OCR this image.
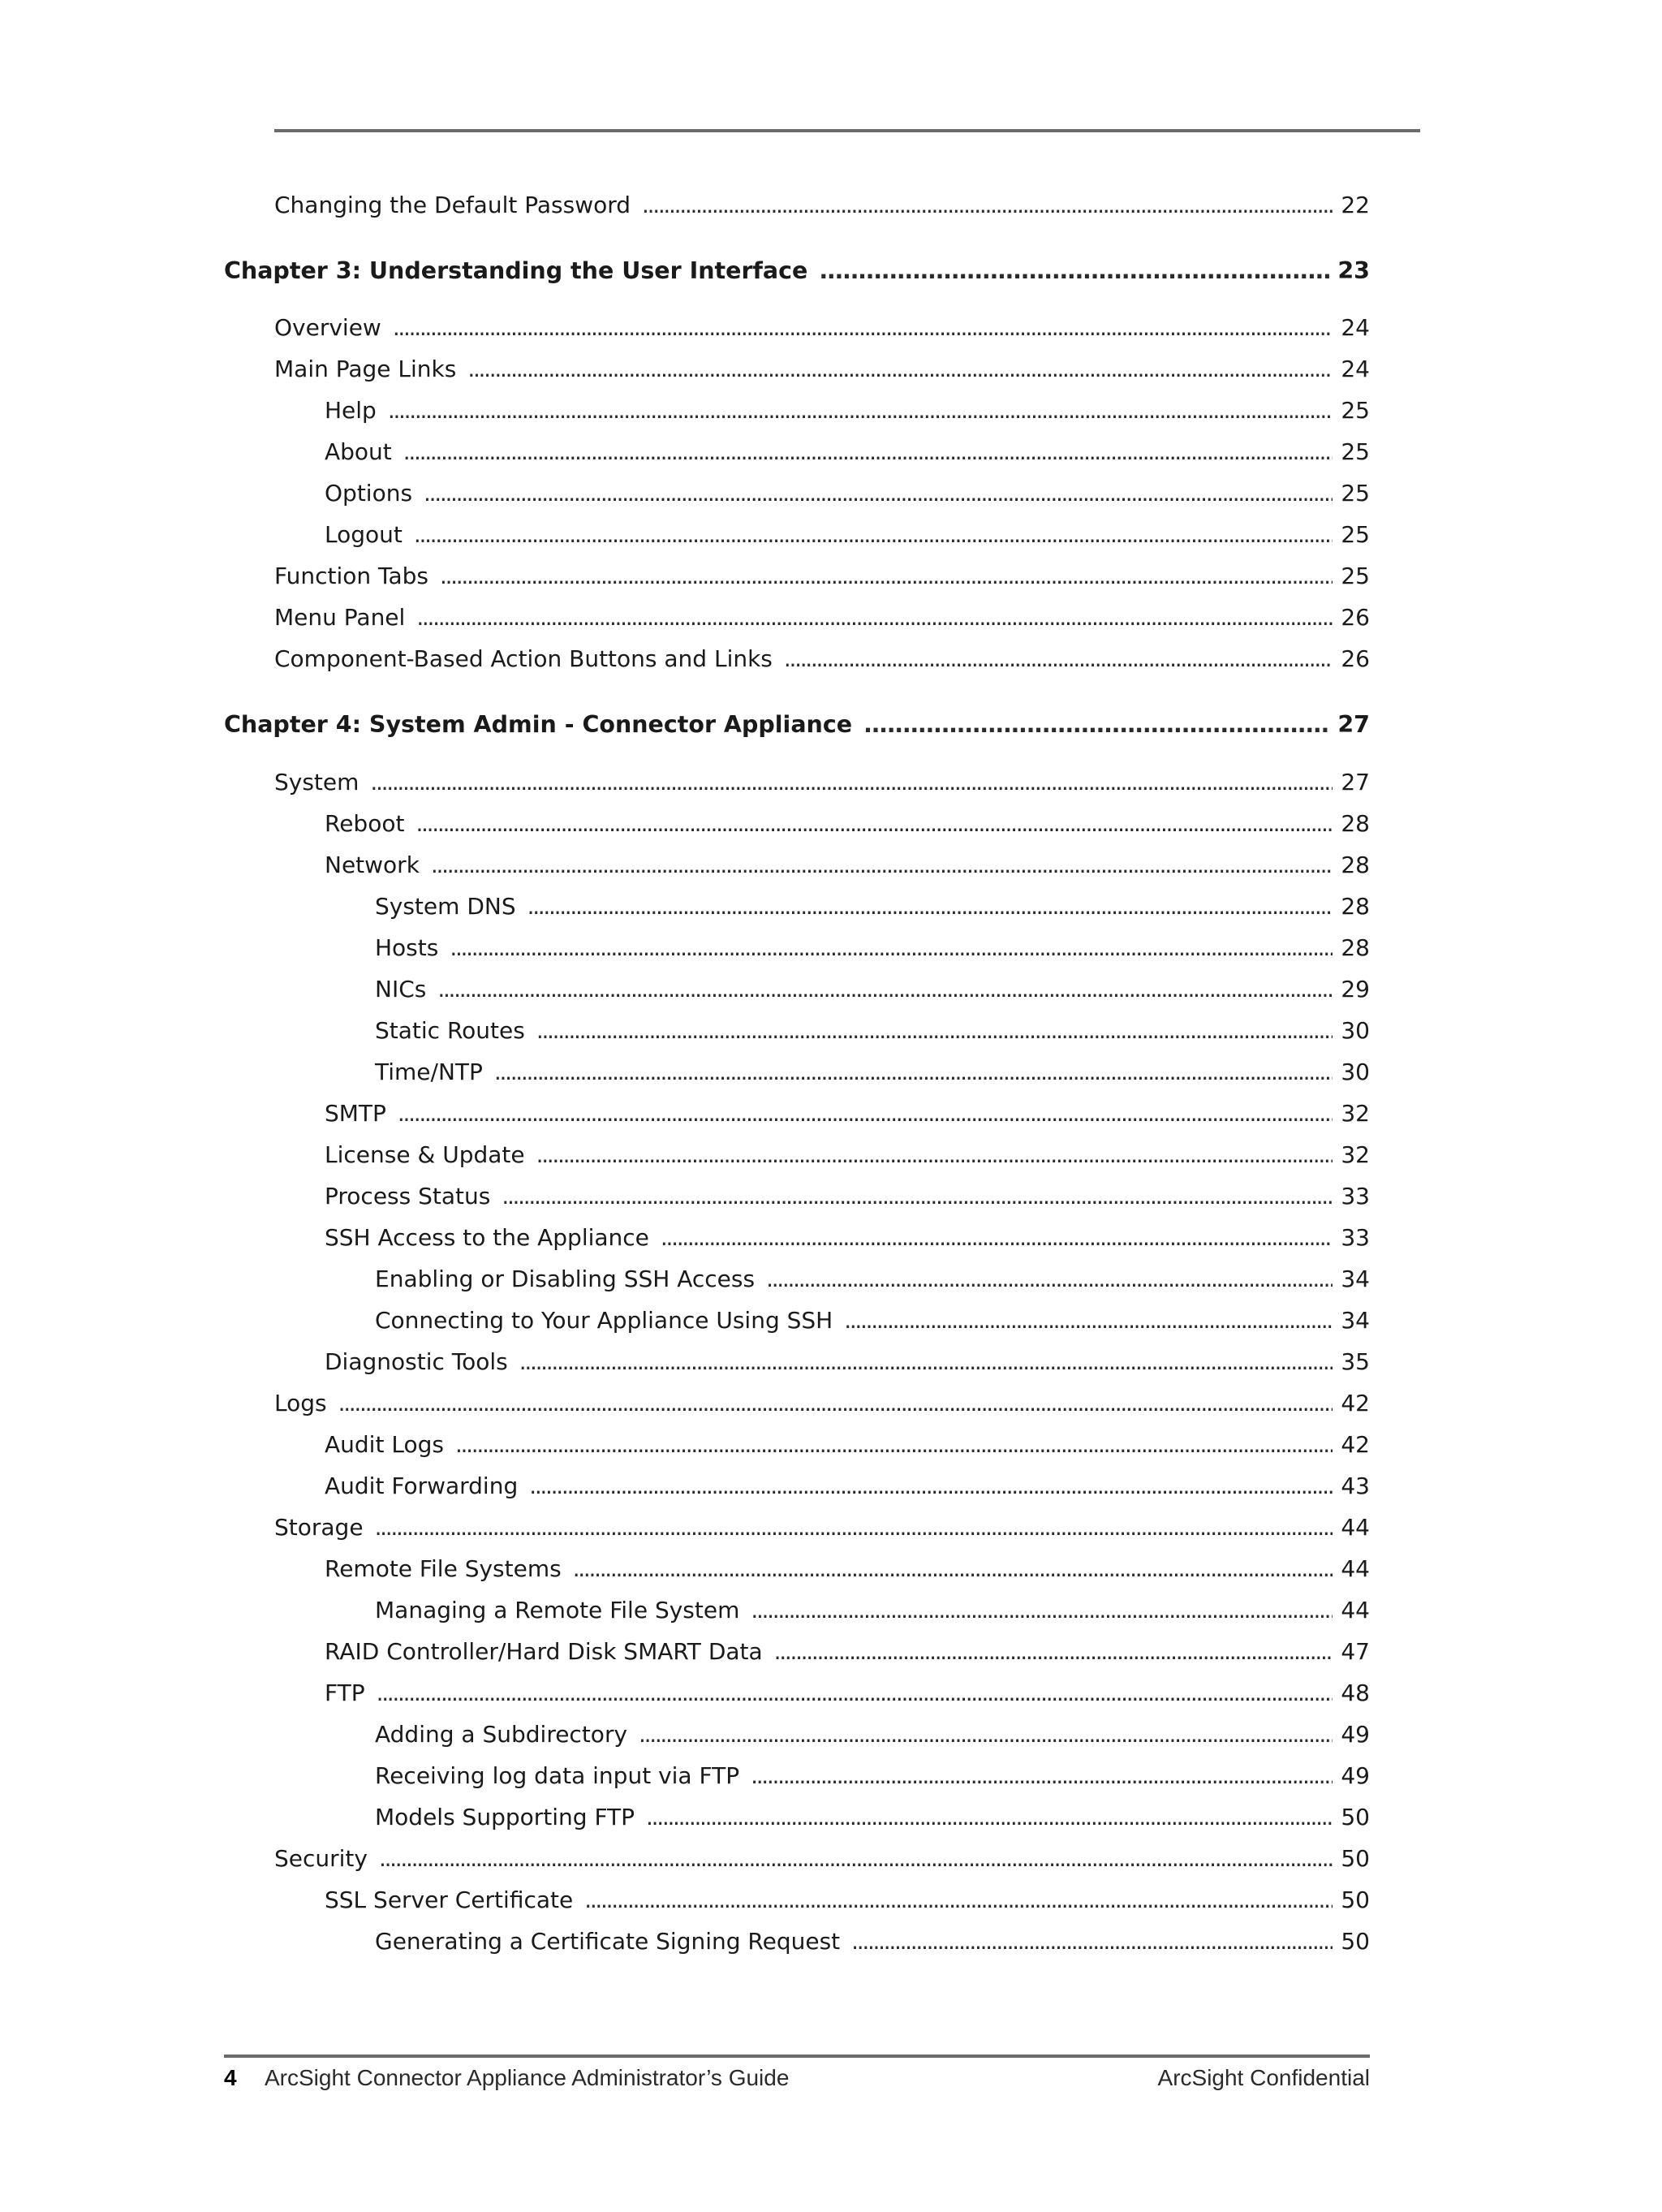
Changing the Default Password . . .	22
Chapter 3: Understanding the User Interface . . .	23
Overview . . .	24
Main Page Links . . .	24
Help . . .	25
About . . .	25
Options . . .	25
Logout . . .	25
Function Tabs . . .	25
Menu Panel . . .	26
Component-Based Action Buttons and Links . . .	26
Chapter 4: System Admin - Connector Appliance . . .	27
System . . .	27
Reboot . . .	28
Network . . .	28
System DNS . . .	28
Hosts . . .	28
NICs . . .	29
Static Routes . . .	30
Time/NTP . . .	30
SMTP . . .	32
License & Update . . .	32
Process Status . . .	33
SSH Access to the Appliance . . .	33
Enabling or Disabling SSH Access . . .	34
Connecting to Your Appliance Using SSH . . .	34
Diagnostic Tools . . .	35
Logs . . .	42
Audit Logs . . .	42
Audit Forwarding . . .	43
Storage . . .	44
Remote File Systems . . .	44
Managing a Remote File System . . .	44
RAID Controller/Hard Disk SMART Data . . .	47
FTP . . .	48
Adding a Subdirectory . . .	49
Receiving log data input via FTP . . .	49
Models Supporting FTP . . .	50
Security . . .	50
SSL Server Certificate . . .	50
Generating a Certificate Signing Request . . .	50
4 ArcSight Connector Appliance Administrator’s Guide	ArcSight Confidential
